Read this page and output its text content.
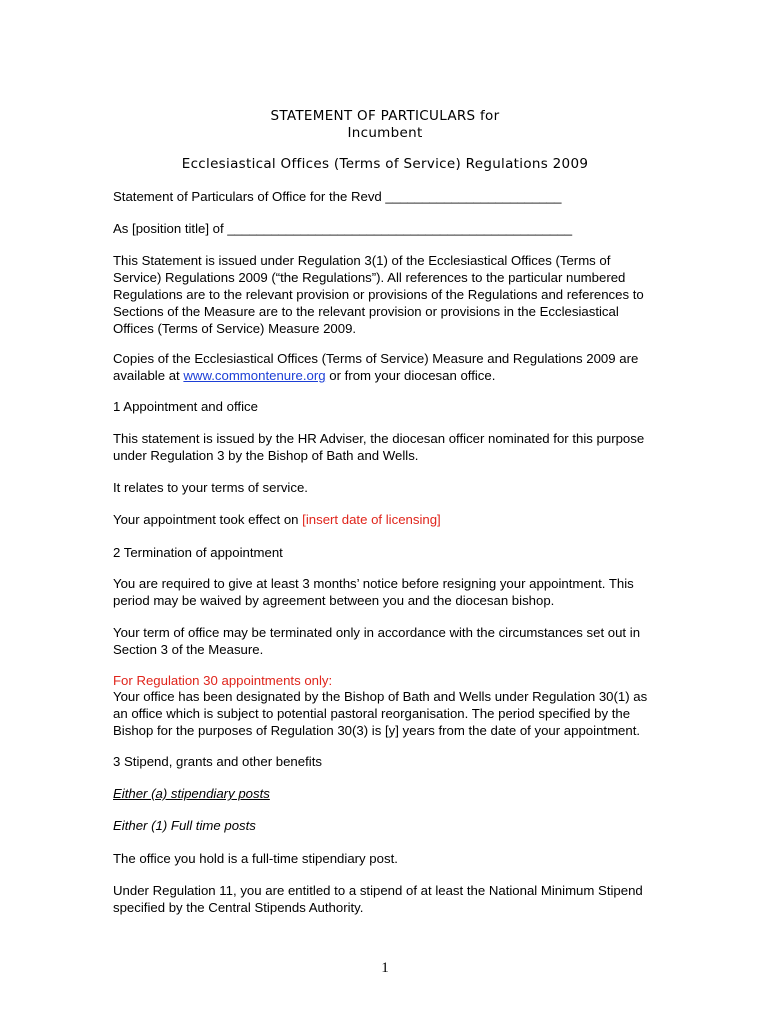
STATEMENT OF PARTICULARS for
Incumbent
Ecclesiastical Offices (Terms of Service) Regulations 2009
Statement of Particulars of Office for the Revd ________________________
As [position title] of _______________________________________________
This Statement is issued under Regulation 3(1) of the Ecclesiastical Offices (Terms of Service) Regulations 2009 (“the Regulations”). All references to the particular numbered Regulations are to the relevant provision or provisions of the Regulations and references to Sections of the Measure are to the relevant provision or provisions in the Ecclesiastical Offices (Terms of Service) Measure 2009.
Copies of the Ecclesiastical Offices (Terms of Service) Measure and Regulations 2009 are available at www.commontenure.org or from your diocesan office.
1 Appointment and office
This statement is issued by the HR Adviser, the diocesan officer nominated for this purpose under Regulation 3 by the Bishop of Bath and Wells.
It relates to your terms of service.
Your appointment took effect on [insert date of licensing]
2 Termination of appointment
You are required to give at least 3 months’ notice before resigning your appointment. This period may be waived by agreement between you and the diocesan bishop.
Your term of office may be terminated only in accordance with the circumstances set out in Section 3 of the Measure.
For Regulation 30 appointments only:
Your office has been designated by the Bishop of Bath and Wells under Regulation 30(1) as an office which is subject to potential pastoral reorganisation. The period specified by the Bishop for the purposes of Regulation 30(3) is [y] years from the date of your appointment.
3 Stipend, grants and other benefits
Either (a) stipendiary posts
Either (1) Full time posts
The office you hold is a full-time stipendiary post.
Under Regulation 11, you are entitled to a stipend of at least the National Minimum Stipend specified by the Central Stipends Authority.
1
